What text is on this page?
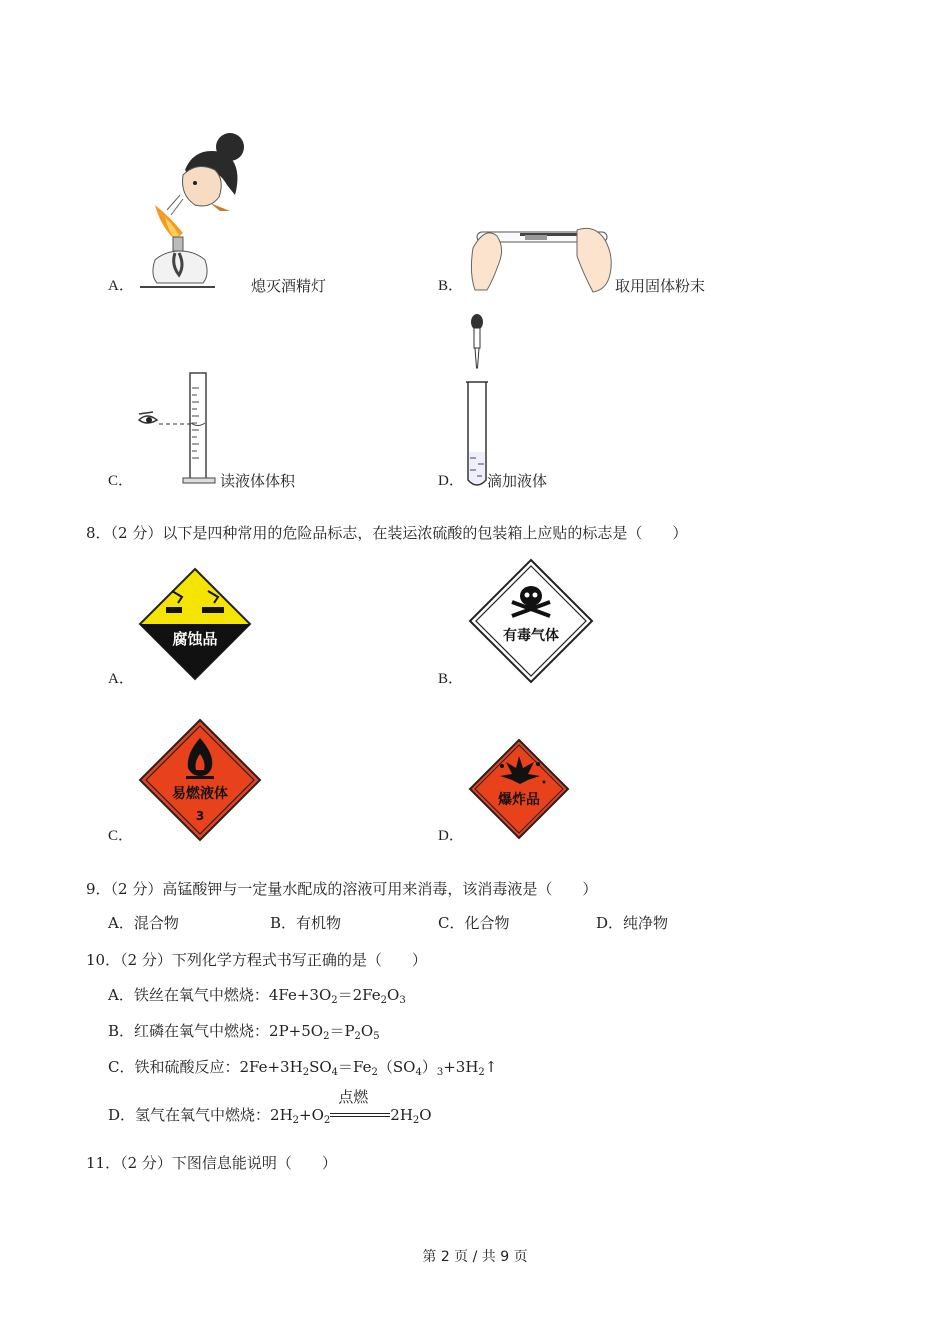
A．	熄灭酒精灯	B．	取用固体粉末
C．	读液体体积	D． 滴加液体
8．（2 分）以下是四种常用的危险品标志，在装运浓硫酸的包装箱上应贴的标志是（　　）
腐蚀品
A．
有毒气体
B．
易燃液体
3
C．
爆炸品
D．
9．（2 分）高锰酸钾与一定量水配成的溶液可用来消毒，该消毒液是（　　）
A．混合物	B．有机物	C．化合物	D．纯净物
10．（2 分）下列化学方程式书写正确的是（　　）
A．铁丝在氧气中燃烧：$4Fe+3O_2=2Fe_2O_3$
B．红磷在氧气中燃烧：$2P+5O_2=P_2O_5$
C．铁和硫酸反应：$2Fe+3H_2SO_4=Fe_2(SO_4)_3+3H_2↑$
D．氢气在氧气中燃烧：$2H_2+O_2$
点燃
$2H_2O$
11．（2 分）下图信息能说明（　　）
第 2 页 / 共 9 页
